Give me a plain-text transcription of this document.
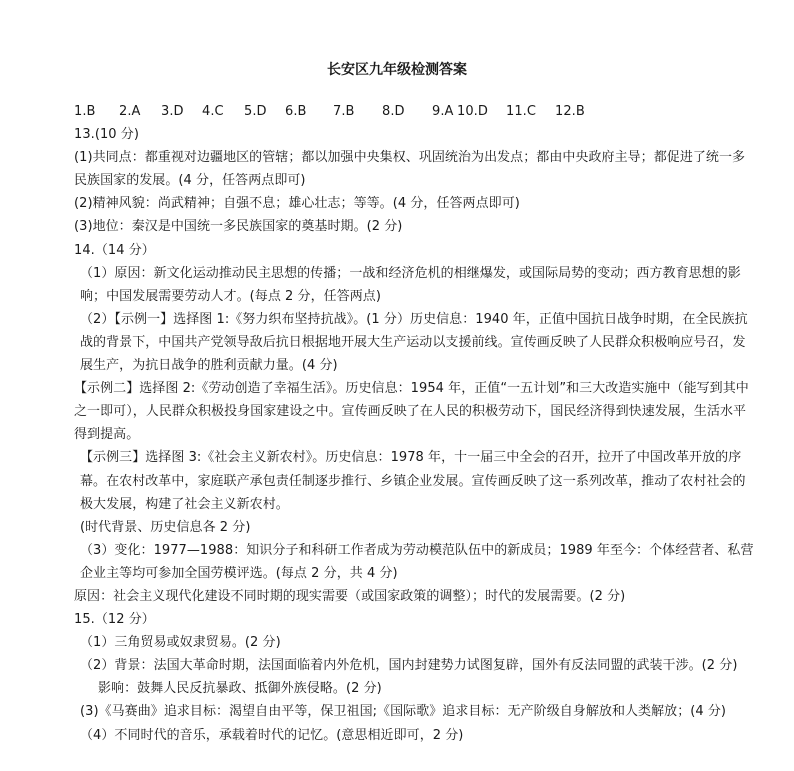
长安区九年级检测答案
1.B	2.A	3.D	4.C	5.D	6.B	7.B	8.D	9.A 10.D	11.C	12.B
13.(10 分)
(1)共同点：都重视对边疆地区的管辖；都以加强中央集权、巩固统治为出发点；都由中央政府主导；都促进了统一多民族国家的发展。(4 分，任答两点即可)
(2)精神风貌：尚武精神；自强不息；雄心壮志；等等。(4 分，任答两点即可)
(3)地位：秦汉是中国统一多民族国家的奠基时期。(2 分)
14.（14 分）
（1）原因：新文化运动推动民主思想的传播；一战和经济危机的相继爆发，或国际局势的变动；西方教育思想的影响；中国发展需要劳动人才。(每点 2 分，任答两点)
（2）【示例一】选择图 1:《努力织布坚持抗战》。(1 分）历史信息：1940 年，正值中国抗日战争时期，在全民族抗战的背景下，中国共产党领导敌后抗日根据地开展大生产运动以支援前线。宣传画反映了人民群众积极响应号召，发展生产，为抗日战争的胜利贡献力量。(4 分)
【示例二】选择图 2:《劳动创造了幸福生活》。历史信息：1954 年，正值“一五计划”和三大改造实施中（能写到其中之一即可），人民群众积极投身国家建设之中。宣传画反映了在人民的积极劳动下，国民经济得到快速发展，生活水平得到提高。
【示例三】选择图 3:《社会主义新农村》。历史信息：1978 年，十一届三中全会的召开，拉开了中国改革开放的序幕。在农村改革中，家庭联产承包责任制逐步推行、乡镇企业发展。宣传画反映了这一系列改革，推动了农村社会的极大发展，构建了社会主义新农村。
(时代背景、历史信息各 2 分)
（3）变化：1977—1988：知识分子和科研工作者成为劳动模范队伍中的新成员；1989 年至今：个体经营者、私营企业主等均可参加全国劳模评选。(每点 2 分，共 4 分)
原因：社会主义现代化建设不同时期的现实需要（或国家政策的调整）；时代的发展需要。(2 分)
15.（12 分）
（1）三角贸易或奴隶贸易。(2 分)
（2）背景：法国大革命时期，法国面临着内外危机，国内封建势力试图复辟，国外有反法同盟的武装干涉。(2 分)
影响：鼓舞人民反抗暴政、抵御外族侵略。(2 分)
(3)《马赛曲》追求目标：渴望自由平等，保卫祖国;《国际歌》追求目标：无产阶级自身解放和人类解放；(4 分)
（4）不同时代的音乐，承载着时代的记忆。(意思相近即可，2 分)
